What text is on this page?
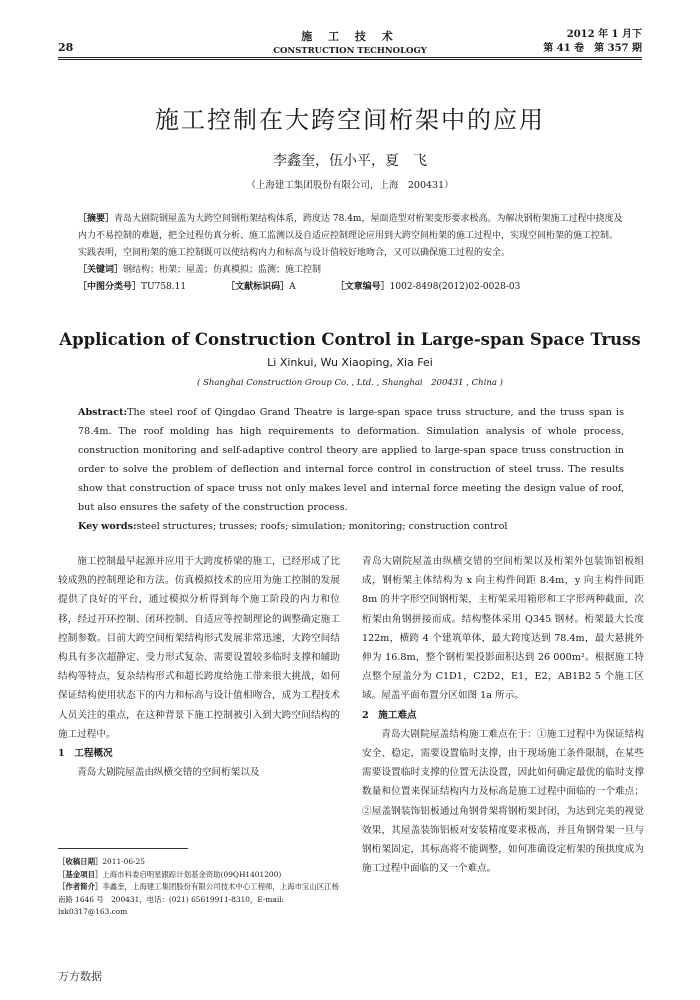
28
施 工 技 术
CONSTRUCTION TECHNOLOGY
2012 年 1 月下
第 41 卷　第 357 期
施工控制在大跨空间桁架中的应用
李鑫奎，伍小平，夏　飞
（上海建工集团股份有限公司，上海　200431）
［摘要］青岛大剧院钢屋盖为大跨空间钢桁架结构体系，跨度达 78.4m，屋面造型对桁架变形要求极高。为解决钢桁架施工过程中挠度及内力不易控制的难题，把全过程仿真分析、施工监测以及自适应控制理论应用到大跨空间桁架的施工过程中，实现空间桁架的施工控制。实践表明，空间桁架的施工控制既可以使结构内力和标高与设计值较好地吻合，又可以确保施工过程的安全。
［关键词］钢结构；桁架；屋盖；仿真模拟；监测；施工控制
［中图分类号］TU758.11	［文献标识码］A	［文章编号］1002-8498(2012)02-0028-03
Application of Construction Control in Large-span Space Truss
Li Xinkui, Wu Xiaoping, Xia Fei
( Shanghai Construction Group Co. , Ltd. , Shanghai　200431 , China )
Abstract:The steel roof of Qingdao Grand Theatre is large-span space truss structure, and the truss span is 78.4m. The roof molding has high requirements to deformation. Simulation analysis of whole process, construction monitoring and self-adaptive control theory are applied to large-span space truss construction in order to solve the problem of deflection and internal force control in construction of steel truss. The results show that construction of space truss not only makes level and internal force meeting the design value of roof, but also ensures the safety of the construction process.
Key words:steel structures; trusses; roofs; simulation; monitoring; construction control

施工控制最早起源并应用于大跨度桥梁的施工，已经形成了比较成熟的控制理论和方法。仿真模拟技术的应用为施工控制的发展提供了良好的平台，通过模拟分析得到每个施工阶段的内力和位移，经过开环控制、闭环控制、自适应等控制理论的调整确定施工控制参数。目前大跨空间桁架结构形式发展非常迅速，大跨空间结构具有多次超静定、受力形式复杂、需要设置较多临时支撑和辅助结构等特点，复杂结构形式和超长跨度给施工带来很大挑战，如何保证结构使用状态下的内力和标高与设计值相吻合，成为工程技术人员关注的重点，在这种背景下施工控制被引入到大跨空间结构的施工过程中。

1　工程概况

青岛大剧院屋盖由纵横交错的空间桁架以及

青岛大剧院屋盖由纵横交错的空间桁架以及桁架外包装饰铝板组成，钢桁架主体结构为 x 向主构件间距 8.4m，y 向主构件间距 8m 的井字形空间钢桁架，主桁架采用箱形和工字形两种截面，次桁架由角钢拼接而成。结构整体采用 Q345 钢材。桁架最大长度 122m，横跨 4 个建筑单体，最大跨度达到 78.4m，最大悬挑外伸为 16.8m，整个钢桁架投影面积达到 26 000m²。根据施工特点整个屋盖分为 C1D1，C2D2，E1，E2，AB1B2 5 个施工区域。屋盖平面布置分区如图 1a 所示。

2　施工难点

青岛大剧院屋盖结构施工难点在于：①施工过程中为保证结构安全、稳定，需要设置临时支撑，由于现场施工条件限制，在某些需要设置临时支撑的位置无法设置，因此如何确定最优的临时支撑数量和位置来保证结构内力及标高是施工过程中面临的一个难点；②屋盖钢装饰铝板通过角钢骨架将钢桁架封闭，为达到完美的视觉效果，其屋盖装饰铝板对安装精度要求极高，并且角钢骨架一旦与钢桁架固定，其标高将不能调整，如何准确设定桁架的预拱度成为施工过程中面临的又一个难点。

［收稿日期］2011-06-25
［基金项目］上海市科委启明星跟踪计划基金资助(09QH1401200)
［作者简介］李鑫奎，上海建工集团股份有限公司技术中心工程师，上海市宝山区江杨南路 1646 号　200431，电话：(021) 65619911-8310，E-mail: lxk0317@163.com
万方数据
